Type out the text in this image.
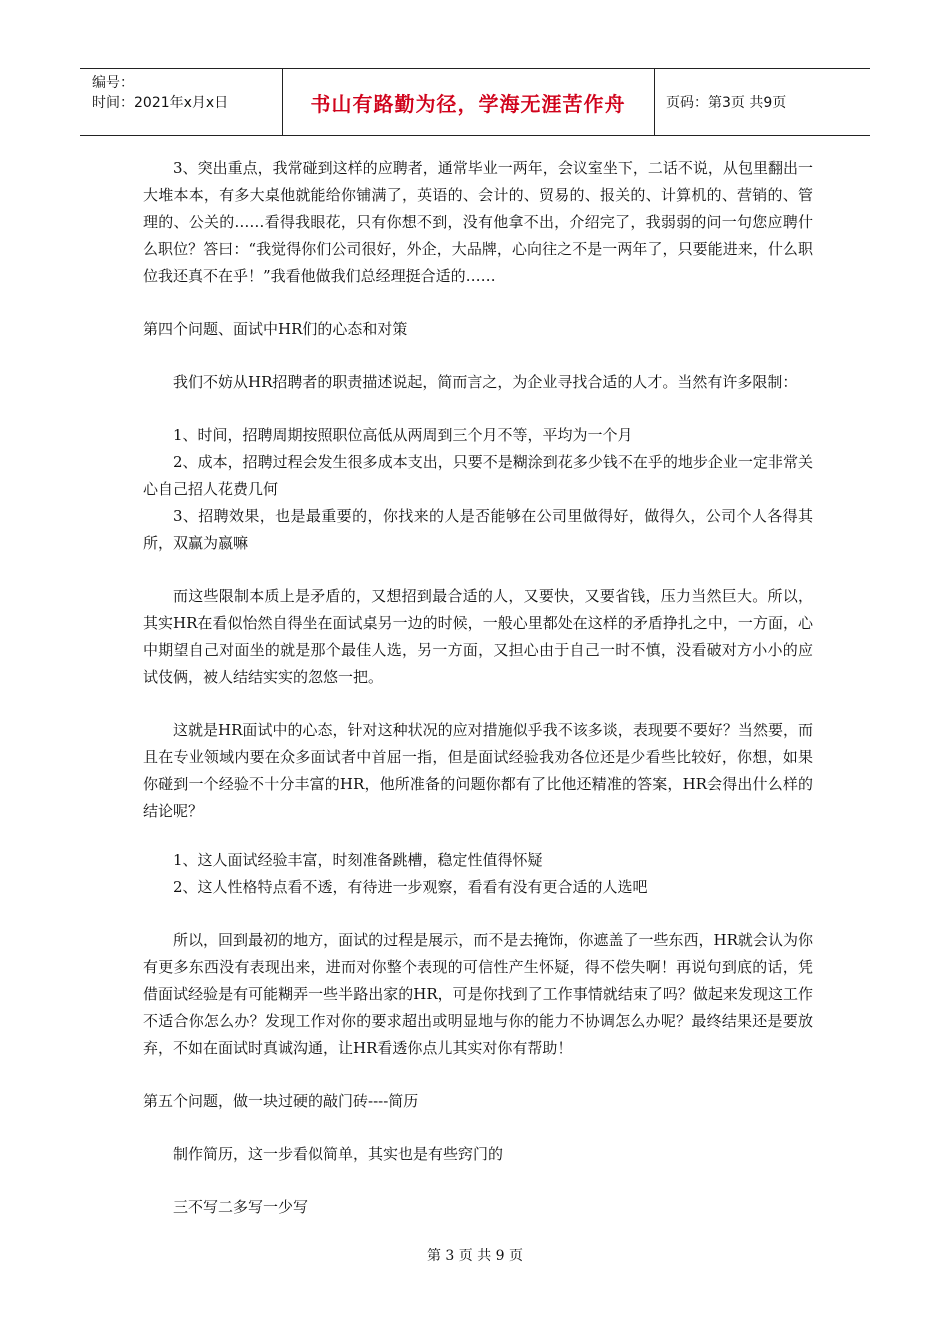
编号：
时间：2021年x月x日	书山有路勤为径，学海无涯苦作舟	页码：第3页 共9页

3、突出重点，我常碰到这样的应聘者，通常毕业一两年，会议室坐下，二话不说，从包里翻出一大堆本本，有多大桌他就能给你铺满了，英语的、会计的、贸易的、报关的、计算机的、营销的、管理的、公关的……看得我眼花，只有你想不到，没有他拿不出，介绍完了，我弱弱的问一句您应聘什么职位？答曰：“我觉得你们公司很好，外企，大品牌，心向往之不是一两年了，只要能进来，什么职位我还真不在乎！”我看他做我们总经理挺合适的……

第四个问题、面试中HR们的心态和对策

我们不妨从HR招聘者的职责描述说起，简而言之，为企业寻找合适的人才。当然有许多限制：

1、时间，招聘周期按照职位高低从两周到三个月不等，平均为一个月

2、成本，招聘过程会发生很多成本支出，只要不是糊涂到花多少钱不在乎的地步企业一定非常关心自己招人花费几何

3、招聘效果，也是最重要的，你找来的人是否能够在公司里做得好，做得久，公司个人各得其所，双赢为嬴嘛

而这些限制本质上是矛盾的，又想招到最合适的人，又要快，又要省钱，压力当然巨大。所以，其实HR在看似怡然自得坐在面试桌另一边的时候，一般心里都处在这样的矛盾挣扎之中，一方面，心中期望自己对面坐的就是那个最佳人选，另一方面，又担心由于自己一时不慎，没看破对方小小的应试伎俩，被人结结实实的忽悠一把。

这就是HR面试中的心态，针对这种状况的应对措施似乎我不该多谈，表现要不要好？当然要，而且在专业领域内要在众多面试者中首屈一指，但是面试经验我劝各位还是少看些比较好，你想，如果你碰到一个经验不十分丰富的HR，他所准备的问题你都有了比他还精准的答案，HR会得出什么样的结论呢？

1、这人面试经验丰富，时刻准备跳槽，稳定性值得怀疑

2、这人性格特点看不透，有待进一步观察，看看有没有更合适的人选吧

所以，回到最初的地方，面试的过程是展示，而不是去掩饰，你遮盖了一些东西，HR就会认为你有更多东西没有表现出来，进而对你整个表现的可信性产生怀疑，得不偿失啊！再说句到底的话，凭借面试经验是有可能糊弄一些半路出家的HR，可是你找到了工作事情就结束了吗？做起来发现这工作不适合你怎么办？发现工作对你的要求超出或明显地与你的能力不协调怎么办呢？最终结果还是要放弃，不如在面试时真诚沟通，让HR看透你点儿其实对你有帮助！

第五个问题，做一块过硬的敲门砖----简历

制作简历，这一步看似简单，其实也是有些窍门的

三不写二多写一少写

第 3 页 共 9 页
